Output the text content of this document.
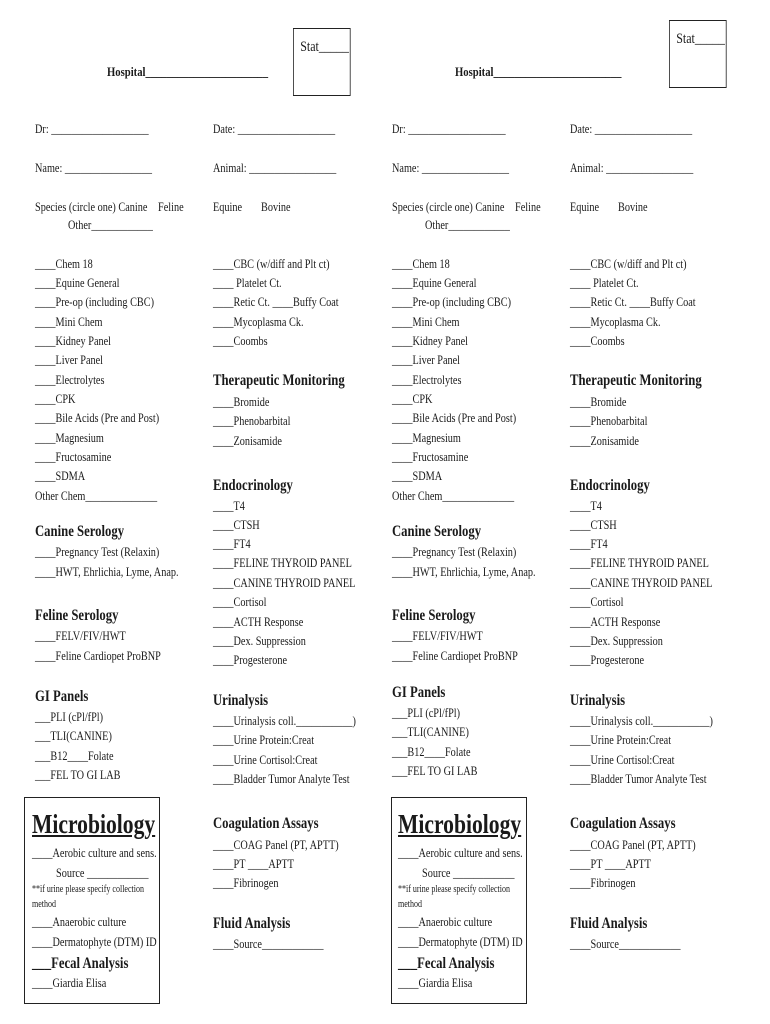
Stat_____
Hospital_______________________
Dr: ___________________	Date: ___________________
Name: _________________	Animal: _________________
Species (circle one) Canine Feline Equine Bovine
Other____________
____Chem 18
____Equine General
____Pre-op (including CBC)
____Mini Chem
____Kidney Panel
____Liver Panel
____Electrolytes
____CPK
____Bile Acids (Pre and Post)
____Magnesium
____Fructosamine
____SDMA
Other Chem______________
Canine Serology
____Pregnancy Test (Relaxin)
____HWT, Ehrlichia, Lyme, Anap.
Feline Serology
____FELV/FIV/HWT
____Feline Cardiopet ProBNP
GI Panels
___PLI (cPl/fPl)
___TLI(CANINE)
___B12____Folate
___FEL TO GI LAB
Microbiology
____Aerobic culture and sens.
Source ____________
**if urine please specify collection
method
____Anaerobic culture
____Dermatophyte (DTM) ID
___Fecal Analysis
____Giardia Elisa
____CBC (w/diff and Plt ct)
____ Platelet Ct.
____Retic Ct. ____Buffy Coat
____Mycoplasma Ck.
____Coombs
Therapeutic Monitoring
____Bromide
____Phenobarbital
____Zonisamide
Endocrinology
____T4
____CTSH
____FT4
____FELINE THYROID PANEL
____CANINE THYROID PANEL
____Cortisol
____ACTH Response
____Dex. Suppression
____Progesterone
Urinalysis
____Urinalysis coll.___________)
____Urine Protein:Creat
____Urine Cortisol:Creat
____Bladder Tumor Analyte Test
Coagulation Assays
____COAG Panel (PT, APTT)
____PT ____APTT
____Fibrinogen
Fluid Analysis
____Source____________
Stat_____
Hospital________________________
Dr: ___________________	Date: ___________________
Name: _________________	Animal: _________________
Species (circle one) Canine Feline Equine Bovine
Other____________
____Chem 18
____Equine General
____Pre-op (including CBC)
____Mini Chem
____Kidney Panel
____Liver Panel
____Electrolytes
____CPK
____Bile Acids (Pre and Post)
____Magnesium
____Fructosamine
____SDMA
Other Chem______________
Canine Serology
____Pregnancy Test (Relaxin)
____HWT, Ehrlichia, Lyme, Anap.
Feline Serology
____FELV/FIV/HWT
____Feline Cardiopet ProBNP
GI Panels
___PLI (cPl/fPl)
___TLI(CANINE)
___B12____Folate
___FEL TO GI LAB
Microbiology
____Aerobic culture and sens.
Source ____________
**if urine please specify collection
method
____Anaerobic culture
____Dermatophyte (DTM) ID
___Fecal Analysis
____Giardia Elisa
____CBC (w/diff and Plt ct)
____ Platelet Ct.
____Retic Ct. ____Buffy Coat
____Mycoplasma Ck.
____Coombs
Therapeutic Monitoring
____Bromide
____Phenobarbital
____Zonisamide
Endocrinology
____T4
____CTSH
____FT4
____FELINE THYROID PANEL
____CANINE THYROID PANEL
____Cortisol
____ACTH Response
____Dex. Suppression
____Progesterone
Urinalysis
____Urinalysis coll.___________)
____Urine Protein:Creat
____Urine Cortisol:Creat
____Bladder Tumor Analyte Test
Coagulation Assays
____COAG Panel (PT, APTT)
____PT ____APTT
____Fibrinogen
Fluid Analysis
____Source____________
